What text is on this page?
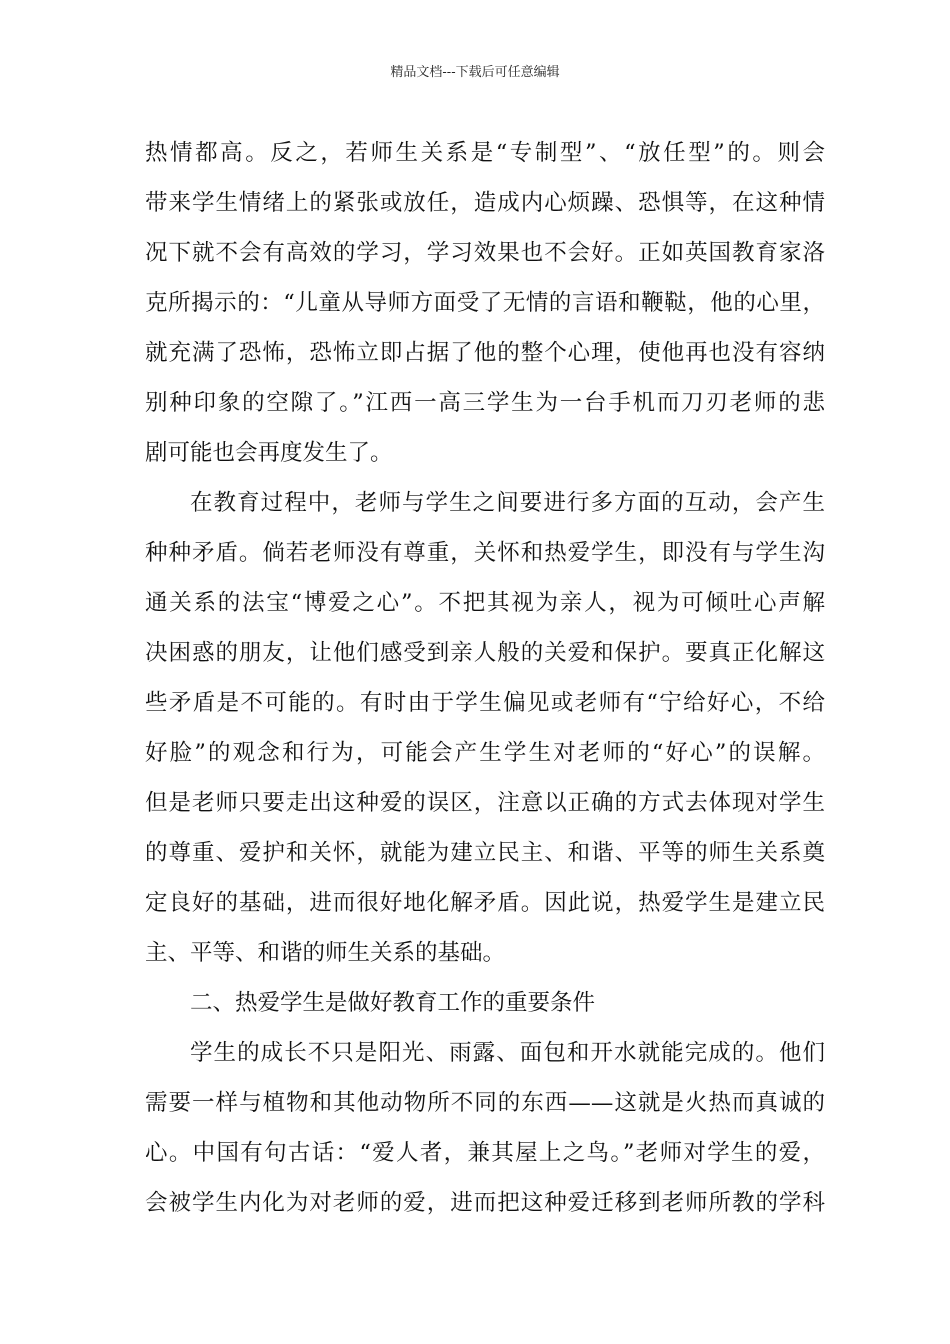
精品文档---下载后可任意编辑
热情都高。反之，若师生关系是“专制型”、“放任型”的。则会
带来学生情绪上的紧张或放任，造成内心烦躁、恐惧等，在这种情
况下就不会有高效的学习，学习效果也不会好。正如英国教育家洛
克所揭示的：“儿童从导师方面受了无情的言语和鞭鞑，他的心里，
就充满了恐怖，恐怖立即占据了他的整个心理，使他再也没有容纳
别种印象的空隙了。”江西一高三学生为一台手机而刀刃老师的悲
剧可能也会再度发生了。
在教育过程中，老师与学生之间要进行多方面的互动，会产生
种种矛盾。倘若老师没有尊重，关怀和热爱学生，即没有与学生沟
通关系的法宝“博爱之心”。不把其视为亲人，视为可倾吐心声解
决困惑的朋友，让他们感受到亲人般的关爱和保护。要真正化解这
些矛盾是不可能的。有时由于学生偏见或老师有“宁给好心，不给
好脸”的观念和行为，可能会产生学生对老师的“好心”的误解。
但是老师只要走出这种爱的误区，注意以正确的方式去体现对学生
的尊重、爱护和关怀，就能为建立民主、和谐、平等的师生关系奠
定良好的基础，进而很好地化解矛盾。因此说，热爱学生是建立民
主、平等、和谐的师生关系的基础。
二、热爱学生是做好教育工作的重要条件
学生的成长不只是阳光、雨露、面包和开水就能完成的。他们
需要一样与植物和其他动物所不同的东西——这就是火热而真诚的
心。中国有句古话：“爱人者，兼其屋上之鸟。”老师对学生的爱，
会被学生内化为对老师的爱，进而把这种爱迁移到老师所教的学科
